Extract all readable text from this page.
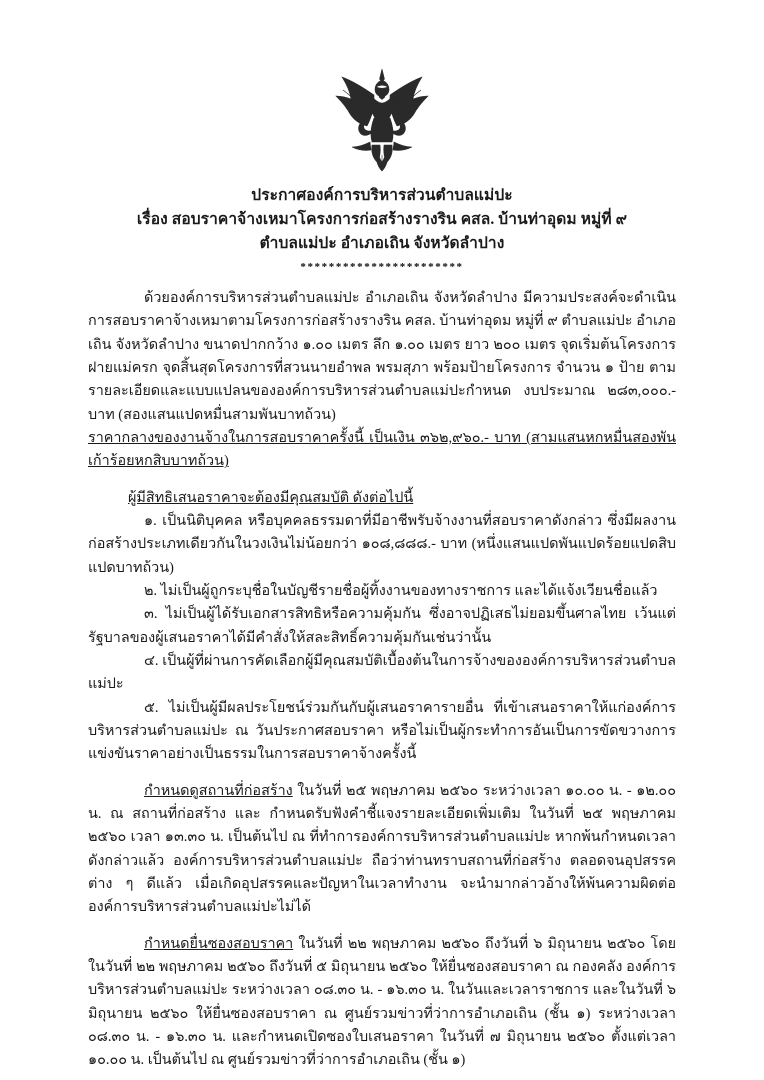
ประกาศองค์การบริหารส่วนตำบลแม่ปะ
เรื่อง สอบราคาจ้างเหมาโครงการก่อสร้างรางริน คสล. บ้านท่าอุดม หมู่ที่ ๙
ตำบลแม่ปะ อำเภอเถิน จังหวัดลำปาง
***********************

ด้วยองค์การบริหารส่วนตำบลแม่ปะ อำเภอเถิน จังหวัดลำปาง มีความประสงค์จะดำเนินการสอบราคาจ้างเหมาตามโครงการก่อสร้างรางริน คสล. บ้านท่าอุดม หมู่ที่ ๙ ตำบลแม่ปะ อำเภอเถิน จังหวัดลำปาง ขนาดปากกว้าง ๑.๐๐ เมตร ลึก ๑.๐๐ เมตร ยาว ๒๐๐ เมตร จุดเริ่มต้นโครงการฝายแม่ครก จุดสิ้นสุดโครงการที่สวนนายอำพล พรมสุภา พร้อมป้ายโครงการ จำนวน ๑ ป้าย ตามรายละเอียดและแบบแปลนขององค์การบริหารส่วนตำบลแม่ปะกำหนด งบประมาณ ๒๘๓,๐๐๐.- บาท (สองแสนแปดหมื่นสามพันบาทถ้วน)

ราคากลางของงานจ้างในการสอบราคาครั้งนี้ เป็นเงิน ๓๖๒,๙๖๐.- บาท (สามแสนหกหมื่นสองพันเก้าร้อยหกสิบบาทถ้วน)

ผู้มีสิทธิเสนอราคาจะต้องมีคุณสมบัติ ดังต่อไปนี้

๑. เป็นนิติบุคคล หรือบุคคลธรรมดาที่มีอาชีพรับจ้างงานที่สอบราคาดังกล่าว ซึ่งมีผลงานก่อสร้างประเภทเดียวกันในวงเงินไม่น้อยกว่า ๑๐๘,๘๘๘.- บาท (หนึ่งแสนแปดพันแปดร้อยแปดสิบแปดบาทถ้วน)

๒. ไม่เป็นผู้ถูกระบุชื่อในบัญชีรายชื่อผู้ทิ้งงานของทางราชการ และได้แจ้งเวียนชื่อแล้ว

๓. ไม่เป็นผู้ได้รับเอกสารสิทธิหรือความคุ้มกัน ซึ่งอาจปฏิเสธไม่ยอมขึ้นศาลไทย เว้นแต่รัฐบาลของผู้เสนอราคาได้มีคำสั่งให้สละสิทธิ์ความคุ้มกันเช่นว่านั้น

๔. เป็นผู้ที่ผ่านการคัดเลือกผู้มีคุณสมบัติเบื้องต้นในการจ้างขององค์การบริหารส่วนตำบลแม่ปะ

๕. ไม่เป็นผู้มีผลประโยชน์ร่วมกันกับผู้เสนอราคารายอื่น ที่เข้าเสนอราคาให้แก่องค์การบริหารส่วนตำบลแม่ปะ ณ วันประกาศสอบราคา หรือไม่เป็นผู้กระทำการอันเป็นการขัดขวางการแข่งขันราคาอย่างเป็นธรรมในการสอบราคาจ้างครั้งนี้

กำหนดดูสถานที่ก่อสร้าง ในวันที่ ๒๕ พฤษภาคม ๒๕๖๐ ระหว่างเวลา ๑๐.๐๐ น. - ๑๒.๐๐ น. ณ สถานที่ก่อสร้าง และ กำหนดรับฟังคำชี้แจงรายละเอียดเพิ่มเติม ในวันที่ ๒๕ พฤษภาคม ๒๕๖๐ เวลา ๑๓.๓๐ น. เป็นต้นไป ณ ที่ทำการองค์การบริหารส่วนตำบลแม่ปะ หากพ้นกำหนดเวลาดังกล่าวแล้ว องค์การบริหารส่วนตำบลแม่ปะ ถือว่าท่านทราบสถานที่ก่อสร้าง ตลอดจนอุปสรรคต่าง ๆ ดีแล้ว เมื่อเกิดอุปสรรคและปัญหาในเวลาทำงาน จะนำมากล่าวอ้างให้พ้นความผิดต่อองค์การบริหารส่วนตำบลแม่ปะไม่ได้

กำหนดยื่นซองสอบราคา ในวันที่ ๒๒ พฤษภาคม ๒๕๖๐ ถึงวันที่ ๖ มิถุนายน ๒๕๖๐ โดยในวันที่ ๒๒ พฤษภาคม ๒๕๖๐ ถึงวันที่ ๕ มิถุนายน ๒๕๖๐ ให้ยื่นซองสอบราคา ณ กองคลัง องค์การบริหารส่วนตำบลแม่ปะ ระหว่างเวลา ๐๘.๓๐ น. - ๑๖.๓๐ น. ในวันและเวลาราชการ และในวันที่ ๖ มิถุนายน ๒๕๖๐ ให้ยื่นซองสอบราคา ณ ศูนย์รวมข่าวที่ว่าการอำเภอเถิน (ชั้น ๑) ระหว่างเวลา ๐๘.๓๐ น. - ๑๖.๓๐ น. และกำหนดเปิดซองใบเสนอราคา ในวันที่ ๗ มิถุนายน ๒๕๖๐ ตั้งแต่เวลา ๑๐.๐๐ น. เป็นต้นไป ณ ศูนย์รวมข่าวที่ว่าการอำเภอเถิน (ชั้น ๑)
